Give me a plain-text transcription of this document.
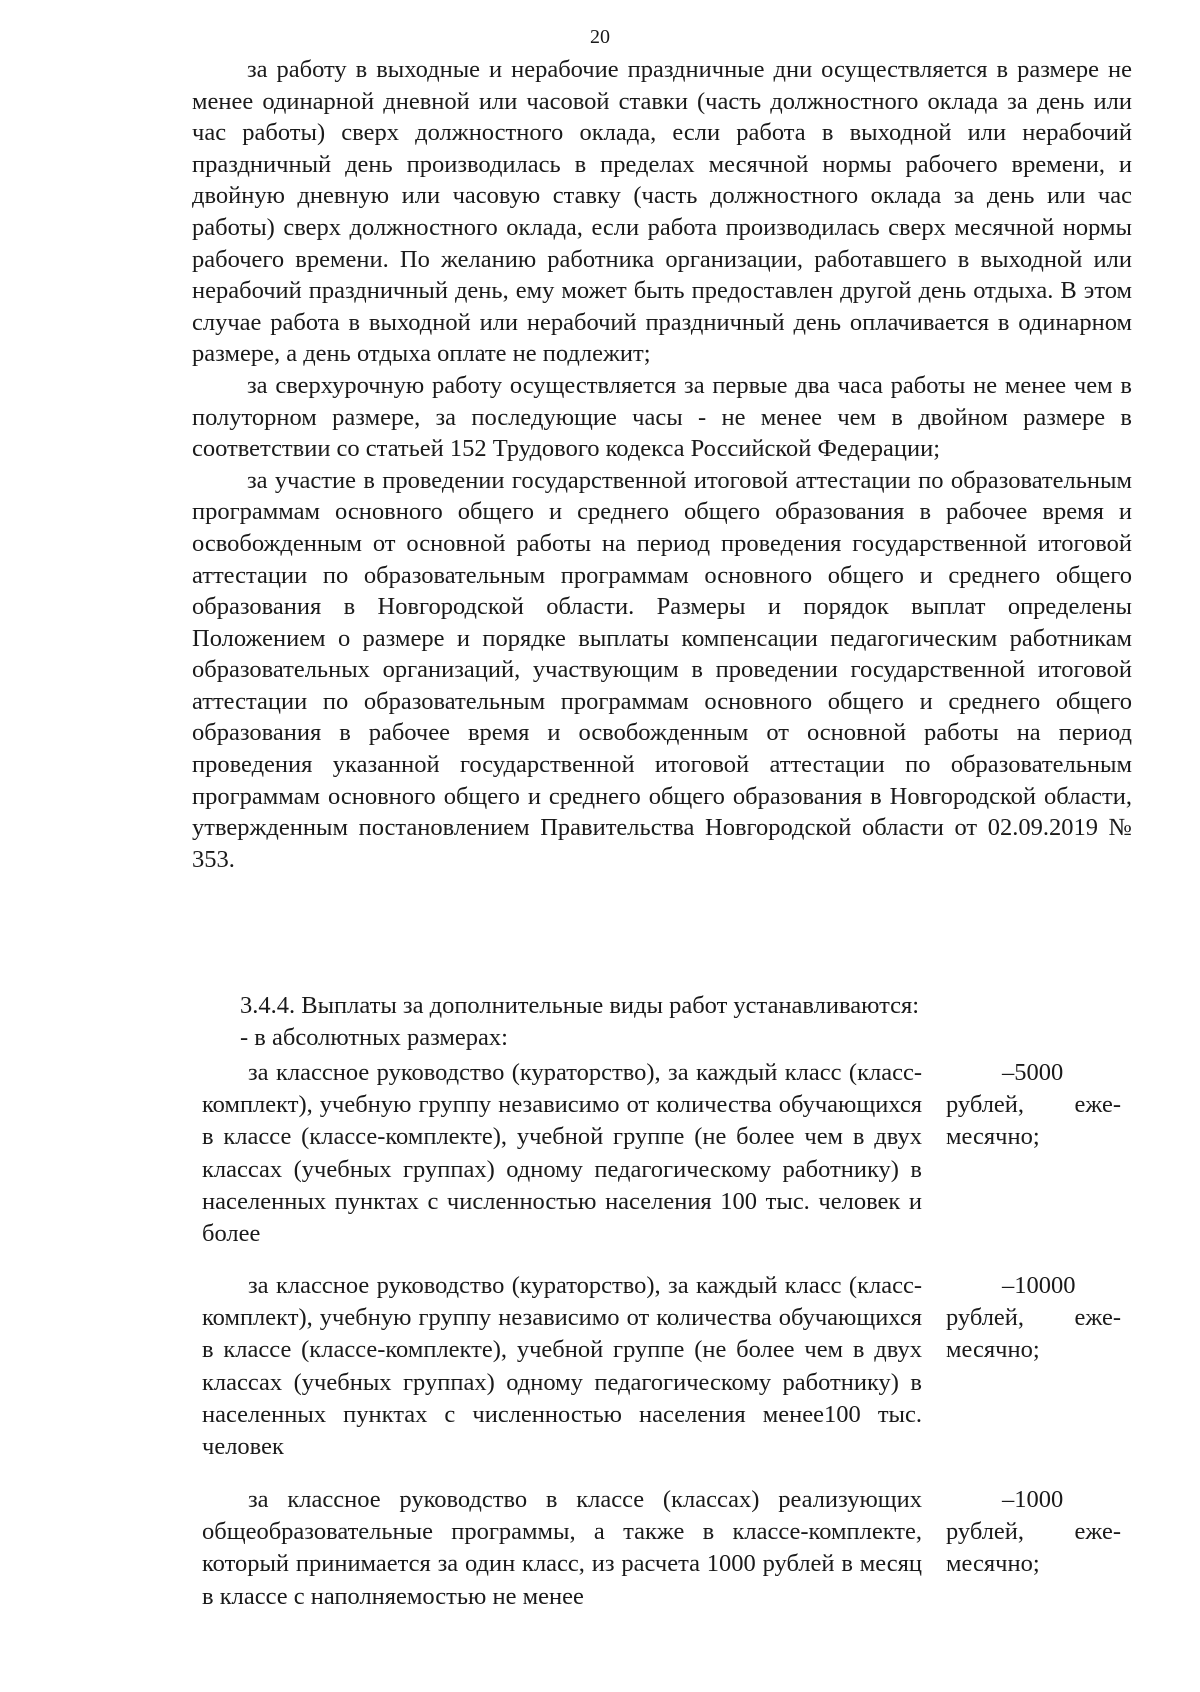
20

за работу в выходные и нерабочие праздничные дни осуществляется в размере не менее одинарной дневной или часовой ставки (часть должностного оклада за день или час работы) сверх должностного оклада, если работа в выходной или нерабочий праздничный день производилась в пределах месячной нормы рабочего времени, и двойную дневную или часовую ставку (часть должностного оклада за день или час работы) сверх должностного оклада, если работа производилась сверх месячной нормы рабочего времени. По желанию работника организации, работавшего в выходной или нерабочий праздничный день, ему может быть предоставлен другой день отдыха. В этом случае работа в выходной или нерабочий праздничный день оплачивается в одинарном размере, а день отдыха оплате не подлежит;

за сверхурочную работу осуществляется за первые два часа работы не менее чем в полуторном размере, за последующие часы - не менее чем в двойном размере в соответствии со статьей 152 Трудового кодекса Российской Федерации;

за участие в проведении государственной итоговой аттестации по образовательным программам основного общего и среднего общего образования в рабочее время и освобожденным от основной работы на период проведения государственной итоговой аттестации по образовательным программам основного общего и среднего общего образования в Новгородской области. Размеры и порядок выплат определены Положением о размере и порядке выплаты компенсации педагогическим работникам образовательных организаций, участвующим в проведении государственной итоговой аттестации по образовательным программам основного общего и среднего общего образования в рабочее время и освобожденным от основной работы на период проведения указанной государственной итоговой аттестации по образовательным программам основного общего и среднего общего образования в Новгородской области, утвержденным постановлением Правительства Новгородской области от 02.09.2019 № 353.

3.4.4. Выплаты за дополнительные виды работ устанавливаются:
- в абсолютных размерах:
за классное руководство (кураторство), за каждый класс (класс-комплект), учебную группу независимо от количества обучающихся в классе (классе-комплекте), учебной группе (не более чем в двух классах (учебных группах) одному педагогическому работнику) в населенных пунктах с численностью населения 100 тыс. человек и более
–5000
рублей, еже-
месячно;
за классное руководство (кураторство), за каждый класс (класс-комплект), учебную группу независимо от количества обучающихся в классе (классе-комплекте), учебной группе (не более чем в двух классах (учебных группах) одному педагогическому работнику) в населенных пунктах с численностью населения менее100 тыс. человек
–10000
рублей, еже-
месячно;
за классное руководство в классе (классах) реализующих общеобразовательные программы, а также в классе-комплекте, который принимается за один класс, из расчета 1000 рублей в месяц в классе с наполняемостью не менее
–1000
рублей, еже-
месячно;
